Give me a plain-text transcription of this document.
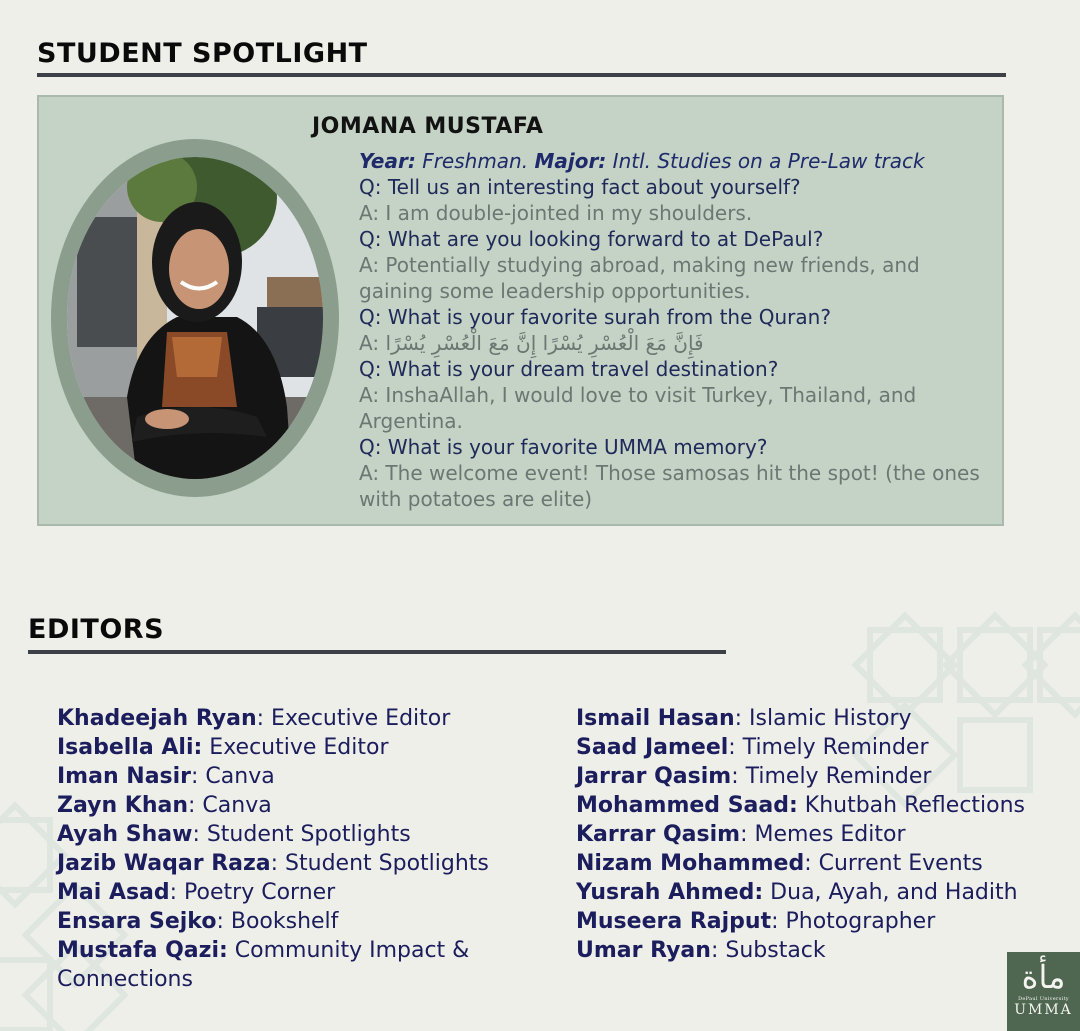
STUDENT SPOTLIGHT
JOMANA MUSTAFA

Year: Freshman. Major: Intl. Studies on a Pre-Law track

Q: Tell us an interesting fact about yourself?

A: I am double-jointed in my shoulders.

Q: What are you looking forward to at DePaul?

A: Potentially studying abroad, making new friends, and gaining some leadership opportunities.

Q: What is your favorite surah from the Quran?

A: فَإِنَّ مَعَ الْعُسْرِ يُسْرًا إِنَّ مَعَ الْعُسْرِ يُسْرًا

Q: What is your dream travel destination?

A: InshaAllah, I would love to visit Turkey, Thailand, and Argentina.

Q: What is your favorite UMMA memory?

A: The welcome event! Those samosas hit the spot! (the ones with potatoes are elite)

EDITORS

Khadeejah Ryan: Executive Editor

Isabella Ali: Executive Editor

Iman Nasir: Canva

Zayn Khan: Canva

Ayah Shaw: Student Spotlights

Jazib Waqar Raza: Student Spotlights

Mai Asad: Poetry Corner

Ensara Sejko: Bookshelf

Mustafa Qazi: Community Impact & Connections

Ismail Hasan: Islamic History

Saad Jameel: Timely Reminder

Jarrar Qasim: Timely Reminder

Mohammed Saad: Khutbah Reflections

Karrar Qasim: Memes Editor

Nizam Mohammed: Current Events

Yusrah Ahmed: Dua, Ayah, and Hadith

Museera Rajput: Photographer

Umar Ryan: Substack

مأة
DePaul University
UMMA
